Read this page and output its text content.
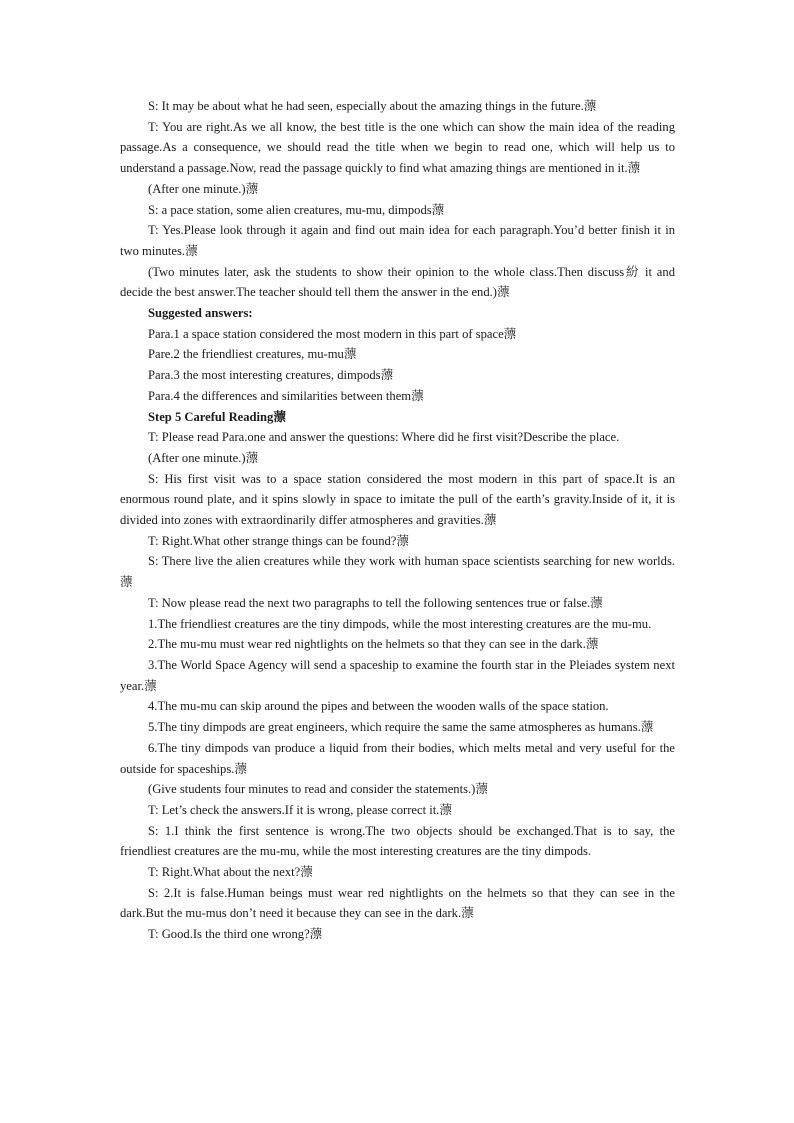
S: It may be about what he had seen, especially about the amazing things in the future.薸

T: You are right.As we all know, the best title is the one which can show the main idea of the reading passage.As a consequence, we should read the title when we begin to read one, which will help us to understand a passage.Now, read the passage quickly to find what amazing things are mentioned in it.薸

(After one minute.)薸

S: a pace station, some alien creatures, mu-mu, dimpods薸

T: Yes.Please look through it again and find out main idea for each paragraph.You’d better finish it in two minutes.薸

(Two minutes later, ask the students to show their opinion to the whole class.Then discuss紛 it and decide the best answer.The teacher should tell them the answer in the end.)薸

Suggested answers:

Para.1 a space station considered the most modern in this part of space薸

Pare.2 the friendliest creatures, mu-mu薸

Para.3 the most interesting creatures, dimpods薸

Para.4 the differences and similarities between them薸

Step 5 Careful Reading薸

T: Please read Para.one and answer the questions: Where did he first visit?Describe the place.

(After one minute.)薸

S: His first visit was to a space station considered the most modern in this part of space.It is an enormous round plate, and it spins slowly in space to imitate the pull of the earth’s gravity.Inside of it, it is divided into zones with extraordinarily differ atmospheres and gravities.薸

T: Right.What other strange things can be found?薸

S: There live the alien creatures while they work with human space scientists searching for new worlds.薸

T: Now please read the next two paragraphs to tell the following sentences true or false.薸

1.The friendliest creatures are the tiny dimpods, while the most interesting creatures are the mu-mu.

2.The mu-mu must wear red nightlights on the helmets so that they can see in the dark.薸

3.The World Space Agency will send a spaceship to examine the fourth star in the Pleiades system next year.薸

4.The mu-mu can skip around the pipes and between the wooden walls of the space station.

5.The tiny dimpods are great engineers, which require the same the same atmospheres as humans.薸

6.The tiny dimpods van produce a liquid from their bodies, which melts metal and very useful for the outside for spaceships.薸

(Give students four minutes to read and consider the statements.)薸

T: Let’s check the answers.If it is wrong, please correct it.薸

S: 1.I think the first sentence is wrong.The two objects should be exchanged.That is to say, the friendliest creatures are the mu-mu, while the most interesting creatures are the tiny dimpods.

T: Right.What about the next?薸

S: 2.It is false.Human beings must wear red nightlights on the helmets so that they can see in the dark.But the mu-mus don’t need it because they can see in the dark.薸

T: Good.Is the third one wrong?薸
